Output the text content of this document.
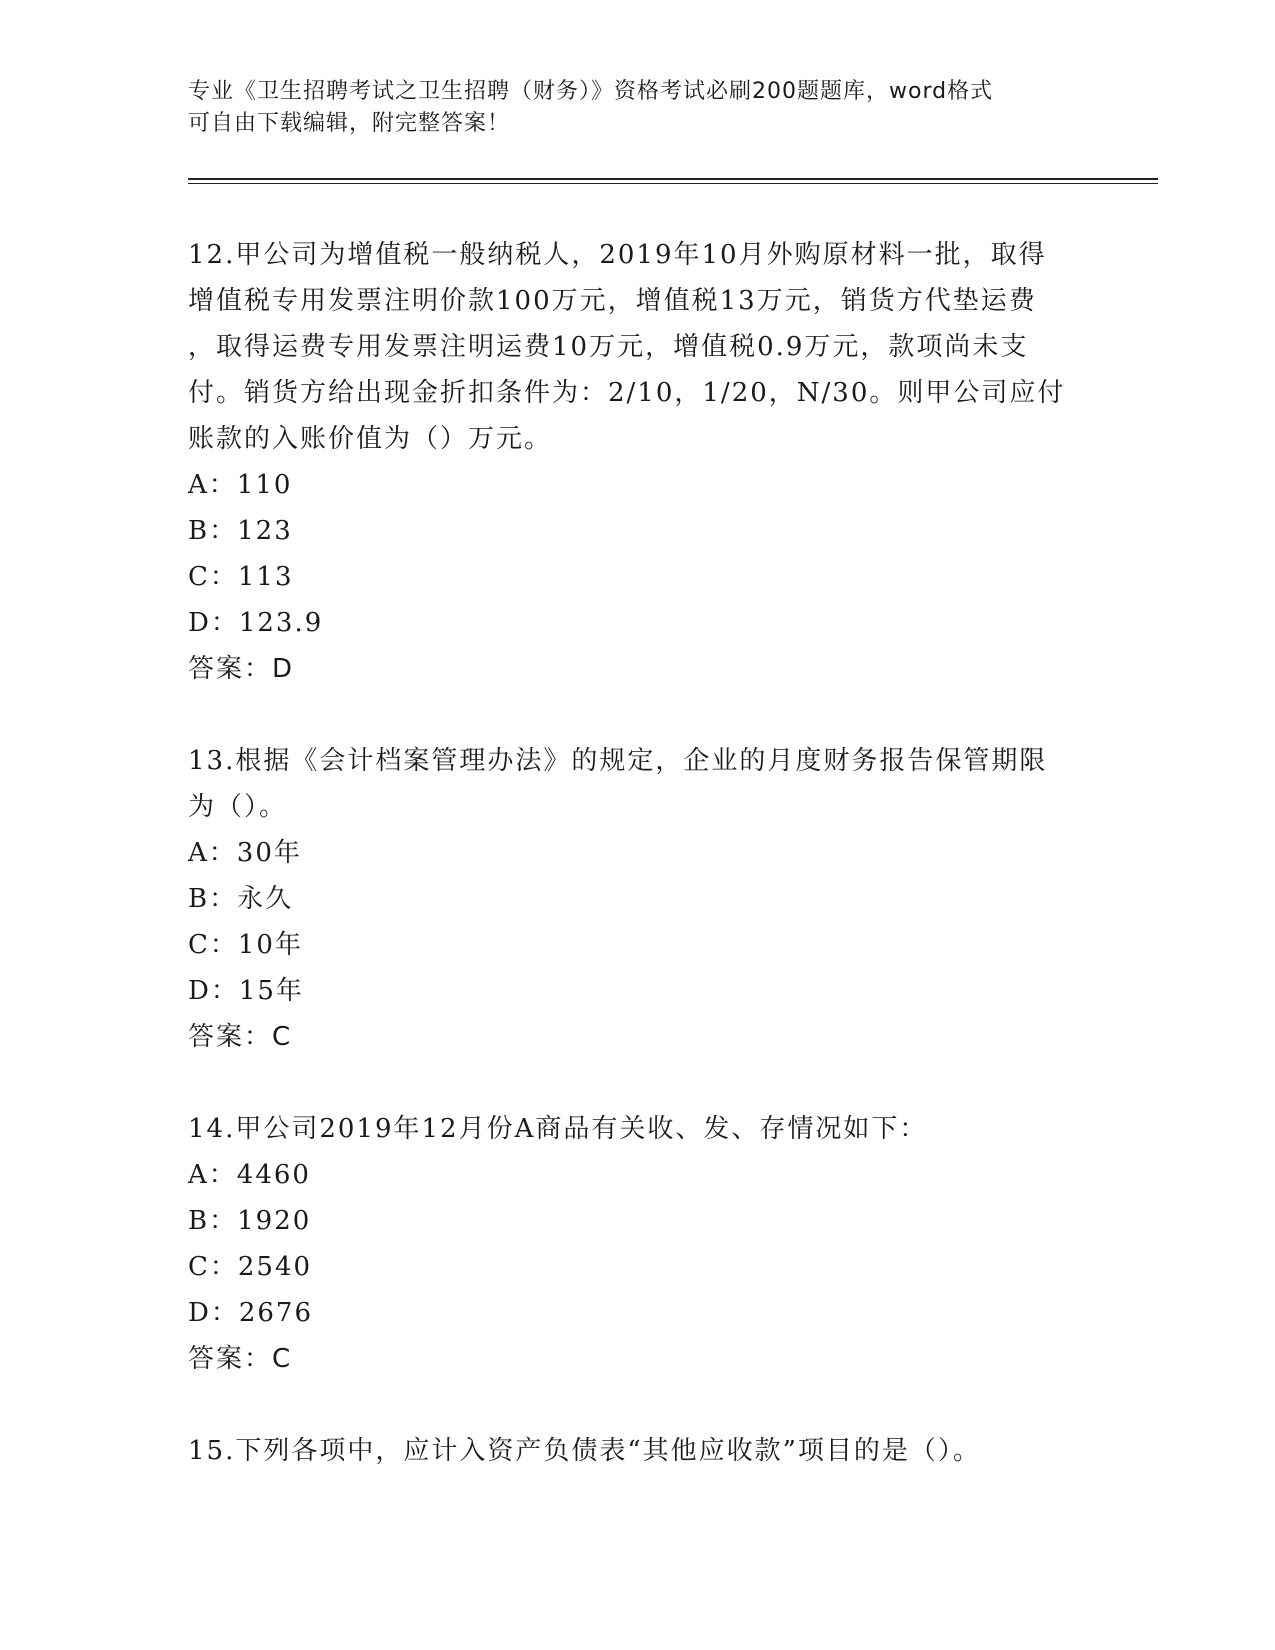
专业《卫生招聘考试之卫生招聘（财务）》资格考试必刷200题题库，word格式
可自由下载编辑，附完整答案！

12.甲公司为增值税一般纳税人，2019年10月外购原材料一批，取得

增值税专用发票注明价款100万元，增值税13万元，销货方代垫运费

，取得运费专用发票注明运费10万元，增值税0.9万元，款项尚未支

付。销货方给出现金折扣条件为：2/10，1/20，N/30。则甲公司应付

账款的入账价值为（）万元。

A：110

B：123

C：113

D：123.9

答案：D

13.根据《会计档案管理办法》的规定，企业的月度财务报告保管期限

为（）。

A：30年

B：永久

C：10年

D：15年

答案：C

14.甲公司2019年12月份A商品有关收、发、存情况如下：

A：4460

B：1920

C：2540

D：2676

答案：C

15.下列各项中，应计入资产负债表“其他应收款”项目的是（）。
